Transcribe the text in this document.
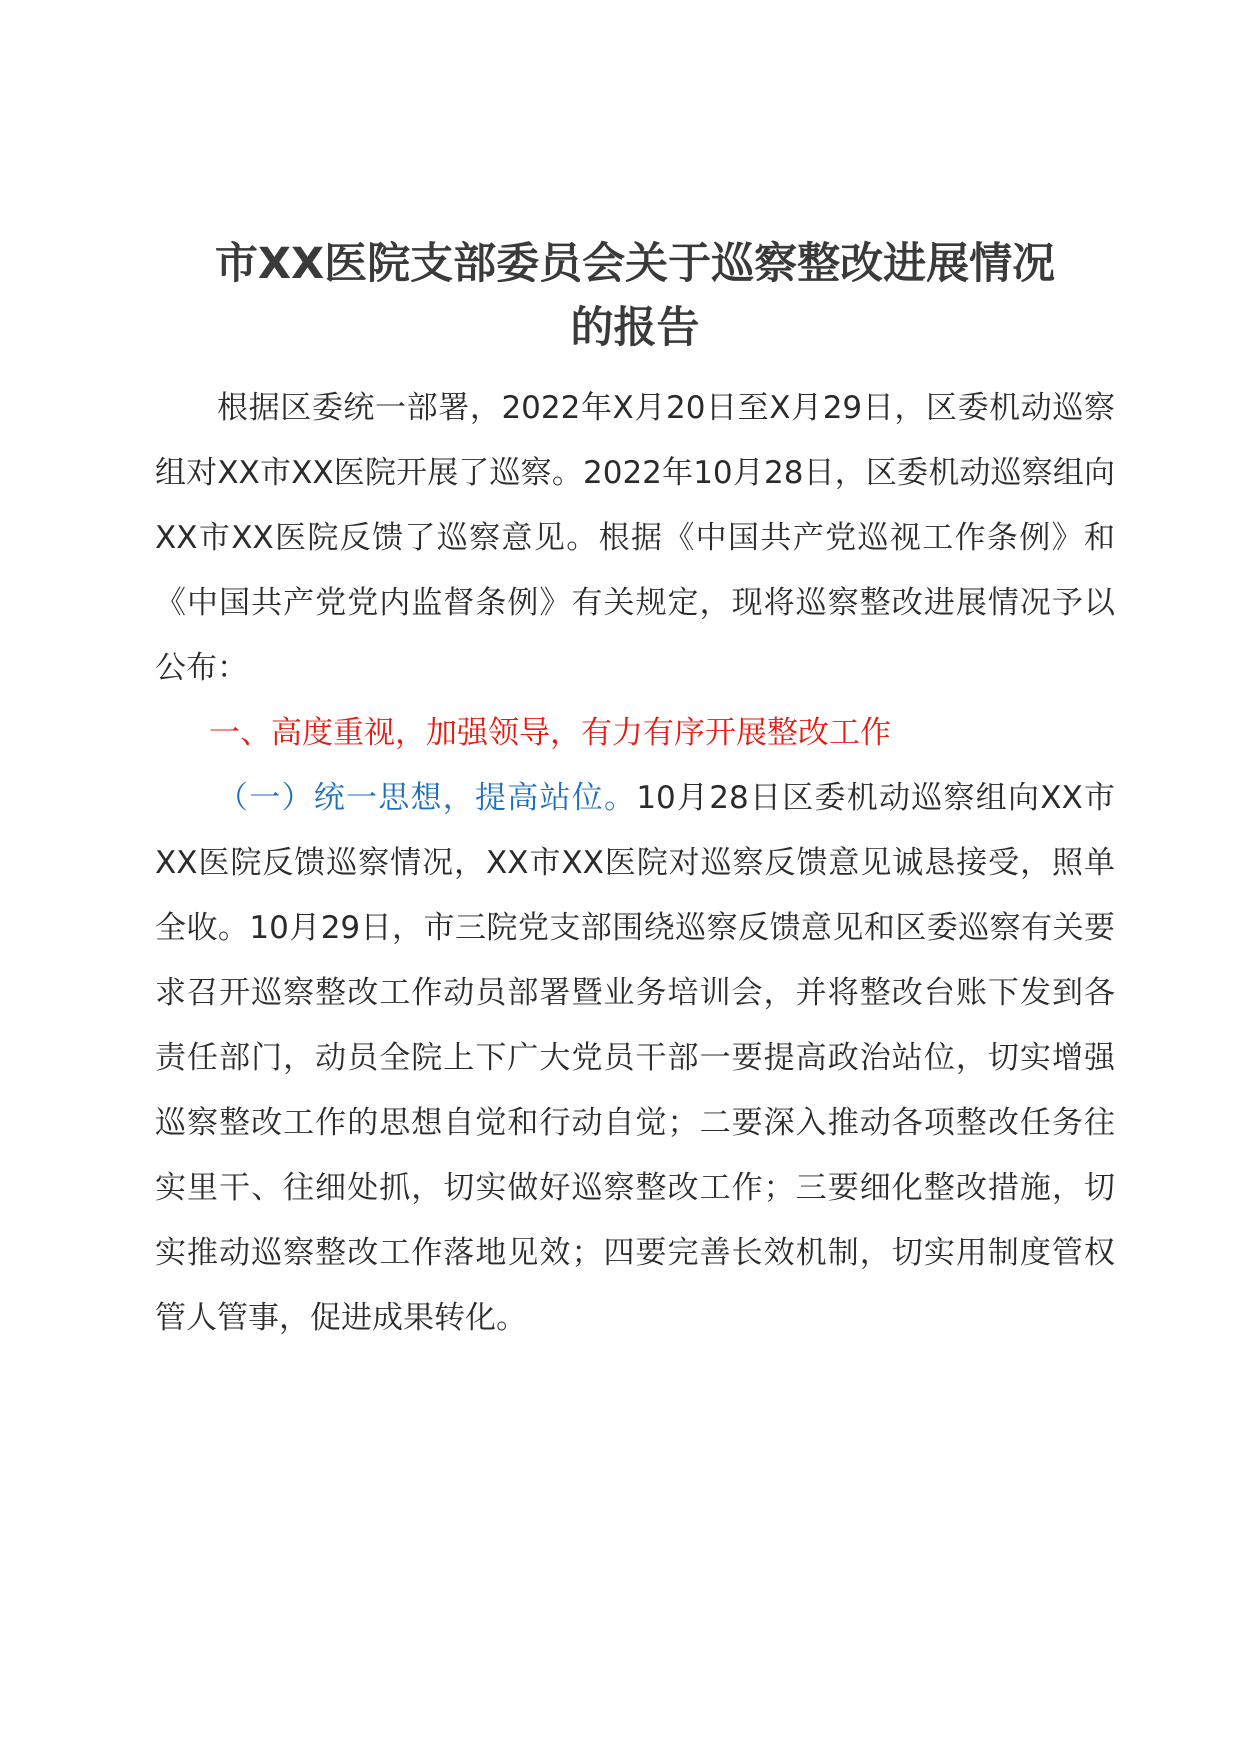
市XX医院支部委员会关于巡察整改进展情况
的报告

根据区委统一部署，2022年X月20日至X月29日，区委机动巡察组对XX市XX医院开展了巡察。2022年10月28日，区委机动巡察组向XX市XX医院反馈了巡察意见。根据《中国共产党巡视工作条例》和《中国共产党党内监督条例》有关规定，现将巡察整改进展情况予以公布：

一、高度重视，加强领导，有力有序开展整改工作

（一）统一思想，提高站位。10月28日区委机动巡察组向XX市XX医院反馈巡察情况，XX市XX医院对巡察反馈意见诚恳接受，照单全收。10月29日，市三院党支部围绕巡察反馈意见和区委巡察有关要求召开巡察整改工作动员部署暨业务培训会，并将整改台账下发到各责任部门，动员全院上下广大党员干部一要提高政治站位，切实增强巡察整改工作的思想自觉和行动自觉；二要深入推动各项整改任务往实里干、往细处抓，切实做好巡察整改工作；三要细化整改措施，切实推动巡察整改工作落地见效；四要完善长效机制，切实用制度管权管人管事，促进成果转化。
